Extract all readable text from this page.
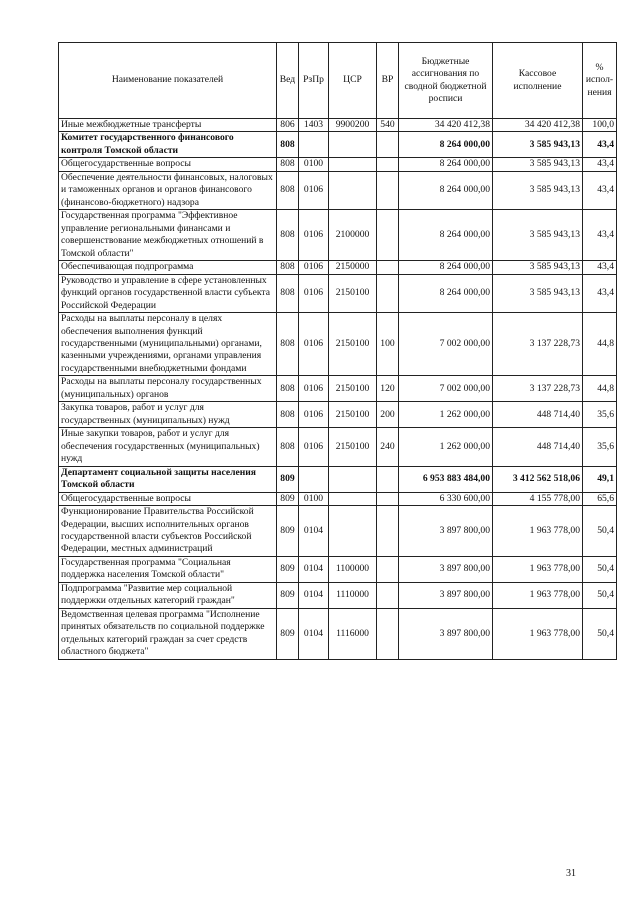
Наименование показателей	Вед	РзПр	ЦСР	ВР	Бюджетные ассигнования по сводной бюджетной росписи	Кассовое исполнение	% испол-нения
Иные межбюджетные трансферты	806	1403	9900200	540	34 420 412,38	34 420 412,38	100,0
Комитет государственного финансового контроля Томской области	808				8 264 000,00	3 585 943,13	43,4
Общегосударственные вопросы	808	0100			8 264 000,00	3 585 943,13	43,4
Обеспечение деятельности финансовых, налоговых и таможенных органов и органов финансового (финансово-бюджетного) надзора	808	0106			8 264 000,00	3 585 943,13	43,4
Государственная программа "Эффективное управление региональными финансами и совершенствование межбюджетных отношений в Томской области"	808	0106	2100000		8 264 000,00	3 585 943,13	43,4
Обеспечивающая подпрограмма	808	0106	2150000		8 264 000,00	3 585 943,13	43,4
Руководство и управление в сфере установленных функций органов государственной власти субъекта Российской Федерации	808	0106	2150100		8 264 000,00	3 585 943,13	43,4
Расходы на выплаты персоналу в целях обеспечения выполнения функций государственными (муниципальными) органами, казенными учреждениями, органами управления государственными внебюджетными фондами	808	0106	2150100	100	7 002 000,00	3 137 228,73	44,8
Расходы на выплаты персоналу государственных (муниципальных) органов	808	0106	2150100	120	7 002 000,00	3 137 228,73	44,8
Закупка товаров, работ и услуг для государственных (муниципальных) нужд	808	0106	2150100	200	1 262 000,00	448 714,40	35,6
Иные закупки товаров, работ и услуг для обеспечения государственных (муниципальных) нужд	808	0106	2150100	240	1 262 000,00	448 714,40	35,6
Департамент социальной защиты населения Томской области	809				6 953 883 484,00	3 412 562 518,06	49,1
Общегосударственные вопросы	809	0100			6 330 600,00	4 155 778,00	65,6
Функционирование Правительства Российской Федерации, высших исполнительных органов государственной власти субъектов Российской Федерации, местных администраций	809	0104			3 897 800,00	1 963 778,00	50,4
Государственная программа "Социальная поддержка населения Томской области"	809	0104	1100000		3 897 800,00	1 963 778,00	50,4
Подпрограмма "Развитие мер социальной поддержки отдельных категорий граждан"	809	0104	1110000		3 897 800,00	1 963 778,00	50,4
Ведомственная целевая программа "Исполнение принятых обязательств по социальной поддержке отдельных категорий граждан за счет средств областного бюджета"	809	0104	1116000		3 897 800,00	1 963 778,00	50,4
31
